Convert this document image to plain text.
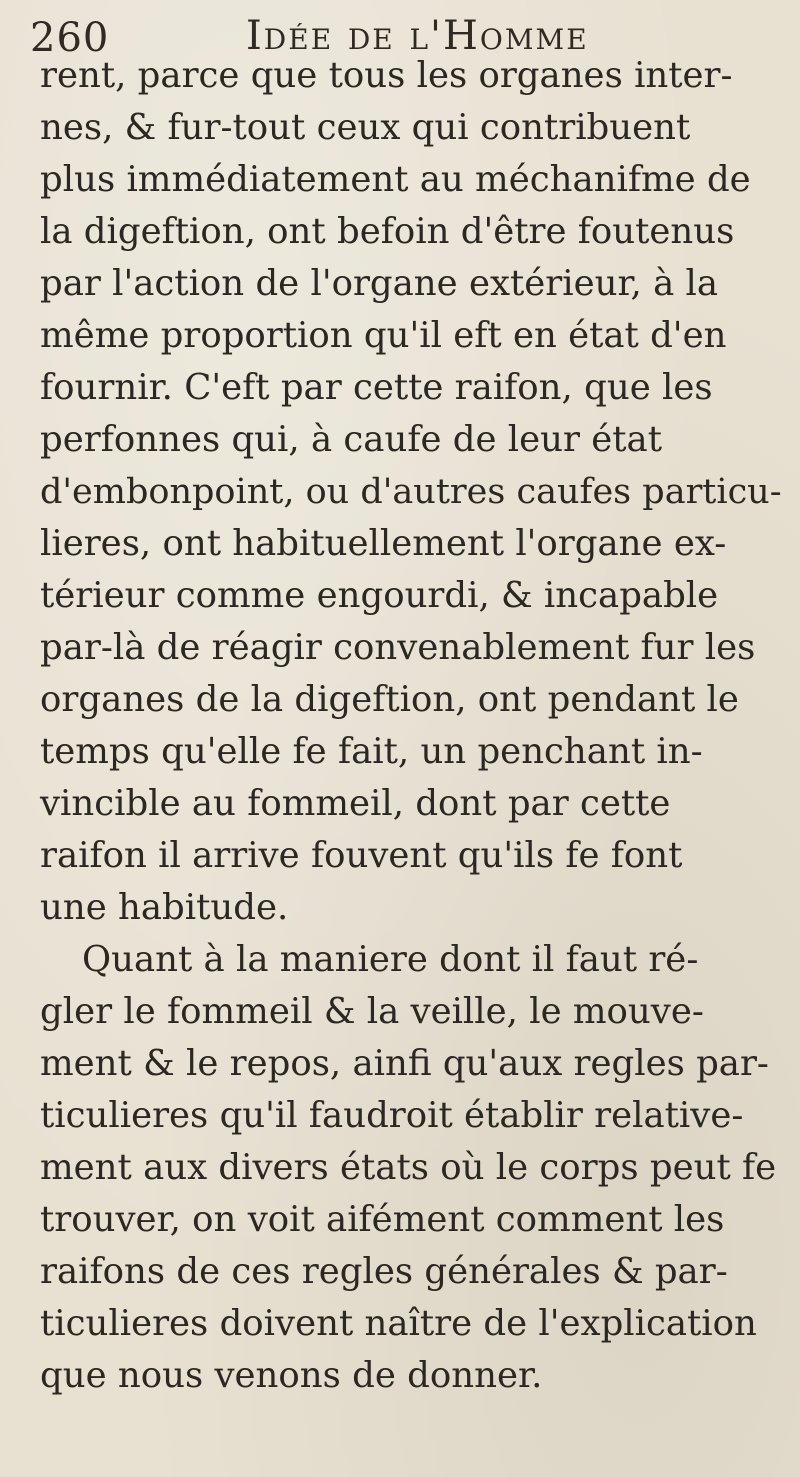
260	Idée de l'Homme
rent, parce que tous les organes inter-
nes, & fur-tout ceux qui contribuent
plus immédiatement au méchanifme de
la digeftion, ont befoin d'être foutenus
par l'action de l'organe extérieur, à la
même proportion qu'il eft en état d'en
fournir. C'eft par cette raifon, que les
perfonnes qui, à caufe de leur état
d'embonpoint, ou d'autres caufes particu-
lieres, ont habituellement l'organe ex-
térieur comme engourdi, & incapable
par-là de réagir convenablement fur les
organes de la digeftion, ont pendant le
temps qu'elle fe fait, un penchant in-
vincible au fommeil, dont par cette
raifon il arrive fouvent qu'ils fe font
une habitude.
Quant à la maniere dont il faut ré-
gler le fommeil & la veille, le mouve-
ment & le repos, ainfi qu'aux regles par-
ticulieres qu'il faudroit établir relative-
ment aux divers états où le corps peut fe
trouver, on voit aifément comment les
raifons de ces regles générales & par-
ticulieres doivent naître de l'explication
que nous venons de donner.
